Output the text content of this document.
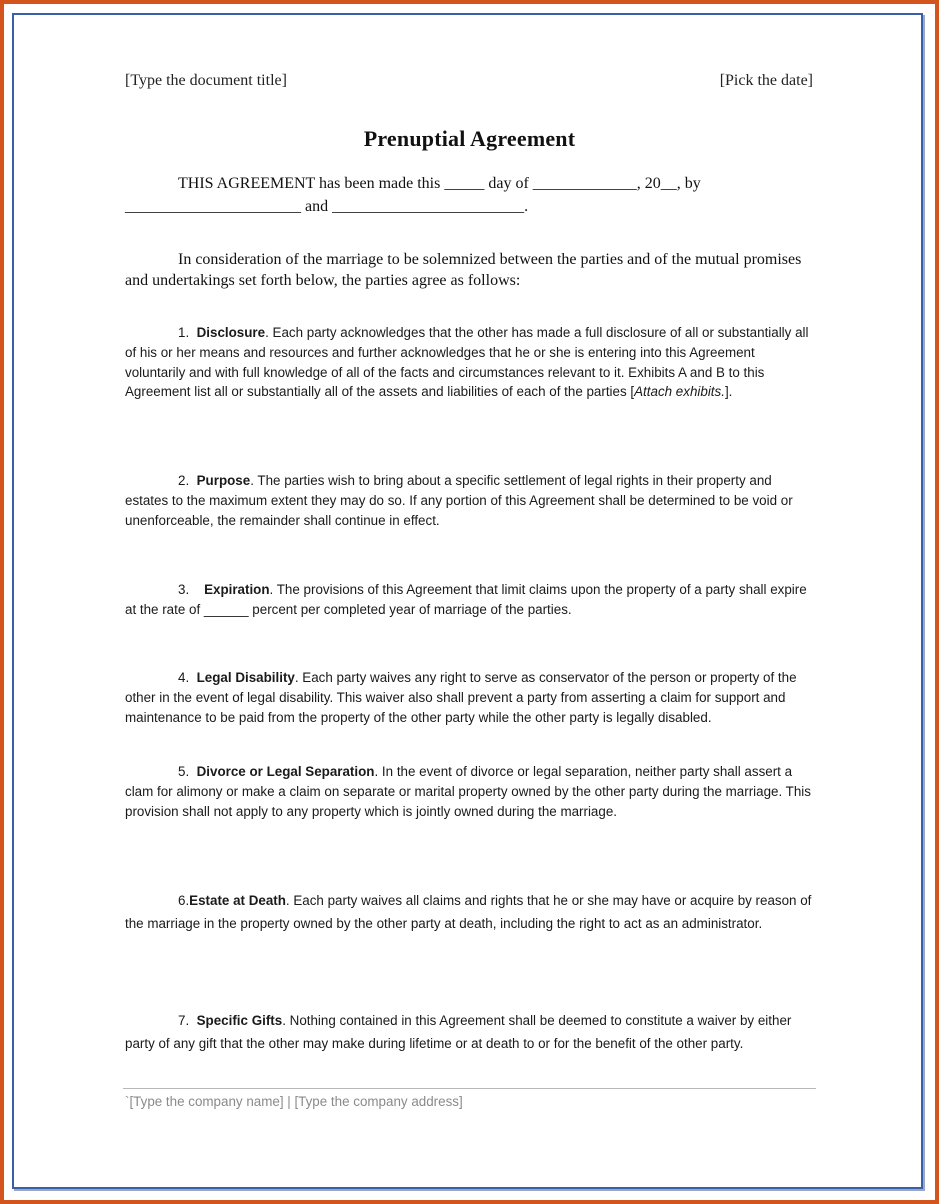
[Type the document title]	[Pick the date]
Prenuptial Agreement
THIS AGREEMENT has been made this _____ day of _____________, 20__, by
______________________ and ________________________.
In consideration of the marriage to be solemnized between the parties and of the mutual promises and undertakings set forth below, the parties agree as follows:
1. Disclosure. Each party acknowledges that the other has made a full disclosure of all or substantially all of his or her means and resources and further acknowledges that he or she is entering into this Agreement voluntarily and with full knowledge of all of the facts and circumstances relevant to it. Exhibits A and B to this Agreement list all or substantially all of the assets and liabilities of each of the parties [Attach exhibits.].
2. Purpose. The parties wish to bring about a specific settlement of legal rights in their property and estates to the maximum extent they may do so. If any portion of this Agreement shall be determined to be void or unenforceable, the remainder shall continue in effect.
3. Expiration. The provisions of this Agreement that limit claims upon the property of a party shall expire at the rate of ______ percent per completed year of marriage of the parties.
4. Legal Disability. Each party waives any right to serve as conservator of the person or property of the other in the event of legal disability. This waiver also shall prevent a party from asserting a claim for support and maintenance to be paid from the property of the other party while the other party is legally disabled.
5. Divorce or Legal Separation. In the event of divorce or legal separation, neither party shall assert a clam for alimony or make a claim on separate or marital property owned by the other party during the marriage. This provision shall not apply to any property which is jointly owned during the marriage.
6.Estate at Death. Each party waives all claims and rights that he or she may have or acquire by reason of the marriage in the property owned by the other party at death, including the right to act as an administrator.
7. Specific Gifts. Nothing contained in this Agreement shall be deemed to constitute a waiver by either party of any gift that the other may make during lifetime or at death to or for the benefit of the other party.
`[Type the company name] | [Type the company address]
